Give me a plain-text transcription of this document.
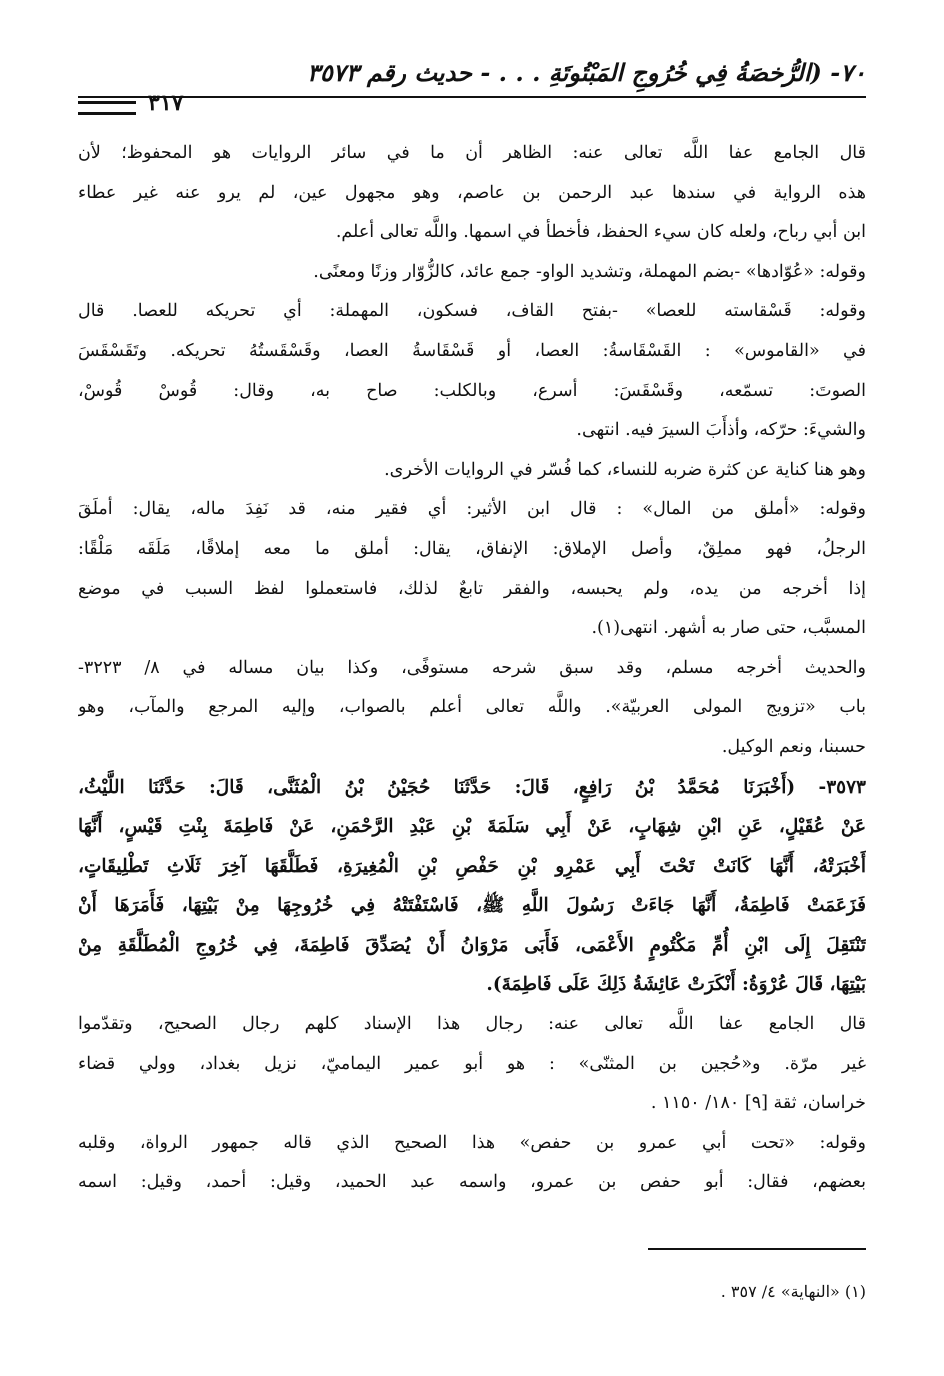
٧٠- (الرُّخصَةُ فِي خُرُوجِ المَبْتُوتَةِ . . . - حديث رقم ٣٥٧٣
٣١٧
قال الجامع عفا اللَّه تعالى عنه: الظاهر أن ما في سائر الروايات هو المحفوظ؛ لأن
هذه الرواية في سندها عبد الرحمن بن عاصم، وهو مجهول عين، لم يرو عنه غير عطاء
ابن أبي رباح، ولعله كان سيء الحفظ، فأخطأ في اسمها. واللَّه تعالى أعلم.
وقوله: «عُوّادها» -بضم المهملة، وتشديد الواو- جمع عائد، كالزُّوّار وزنًا ومعنًى.
وقوله: قَسْقاسته للعصا» -بفتح القاف، فسكون، المهملة: أي تحريكه للعصا. قال
في «القاموس» : القَسْقَاسةُ: العصا، أو قَسْقَاسةُ العصا، وقَسْقَستُهُ تحريكه. وتَقَسْقَسَ
الصوتَ: تسمّعه، وقَسْقَسَ: أسرع، وبالكلب: صاح به، وقال: قُوسْ قُوسْ،
والشيءَ: حرّكه، وأذأَبَ السيرَ فيه. انتهى.
وهو هنا كناية عن كثرة ضربه للنساء، كما فُسّر في الروايات الأخرى.
وقوله: «أملق من المال» : قال ابن الأثير: أي فقير منه، قد نَفِدَ ماله، يقال: أملَقَ
الرجلُ، فهو مملِقٌ، وأصل الإملاق: الإنفاق، يقال: أملق ما معه إملاقًا، مَلَقَه مَلْقًا:
إذا أخرجه من يده، ولم يحبسه، والفقر تابعٌ لذلك، فاستعملوا لفظ السبب في موضع
المسبَّب، حتى صار به أشهر. انتهى(١).
والحديث أخرجه مسلم، وقد سبق شرحه مستوفًى، وكذا بيان مساله في ٨/ ٣٢٢٣-
باب «تزويج المولى العربيّة». واللَّه تعالى أعلم بالصواب، وإليه المرجع والمآب، وهو
حسبنا، ونعم الوكيل.
٣٥٧٣- (أَخْبَرَنَا مُحَمَّدُ بْنُ رَافِعٍ، قَالَ: حَدَّثَنَا حُجَيْنُ بْنُ الْمُثَنَّى، قَالَ: حَدَّثَنَا اللَّيْثُ،
عَنْ عُقَيْلٍ، عَنِ ابْنِ شِهَابٍ، عَنْ أَبِي سَلَمَةَ بْنِ عَبْدِ الرَّحْمَنِ، عَنْ فَاطِمَةَ بِنْتِ قَيْسٍ، أَنَّهَا
أَخْبَرَتْهُ، أَنَّهَا كَانَتْ تَحْتَ أَبِي عَمْرِو بْنِ حَفْصِ بْنِ الْمُغِيرَةِ، فَطَلَّقَهَا آخِرَ ثَلَاثِ تَطْلِيقَاتٍ،
فَزَعَمَتْ فَاطِمَةُ، أَنَّهَا جَاءَتْ رَسُولَ اللَّهِ ﷺ، فَاسْتَفْتَتْهُ فِي خُرُوجِهَا مِنْ بَيْتِهَا، فَأَمَرَهَا أَنْ
تَنْتَقِلَ إِلَى ابْنِ أُمِّ مَكْتُومٍ الأَعْمَى، فَأَبَى مَرْوَانُ أَنْ يُصَدِّقَ فَاطِمَةَ، فِي خُرُوجِ الْمُطَلَّقَةِ مِنْ
بَيْتِهَا، قَالَ عُرْوَةُ: أَنْكَرَتْ عَائِشَةُ ذَلِكَ عَلَى فَاطِمَةَ).
قال الجامع عفا اللَّه تعالى عنه: رجال هذا الإسناد كلهم رجال الصحيح، وتقدّموا
غير مرّة. و«حُجين بن المثنّى» : هو أبو عمير اليماميّ، نزيل بغداد، وولي قضاء
خراسان، ثقة [٩] ١٨٠/ ١١٥٠ .
وقوله: «تحت أبي عمرو بن حفص» هذا الصحيح الذي قاله جمهور الرواة، وقلبه
بعضهم، فقال: أبو حفص بن عمرو، واسمه عبد الحميد، وقيل: أحمد، وقيل: اسمه
(١) «النهاية» ٤/ ٣٥٧ .
